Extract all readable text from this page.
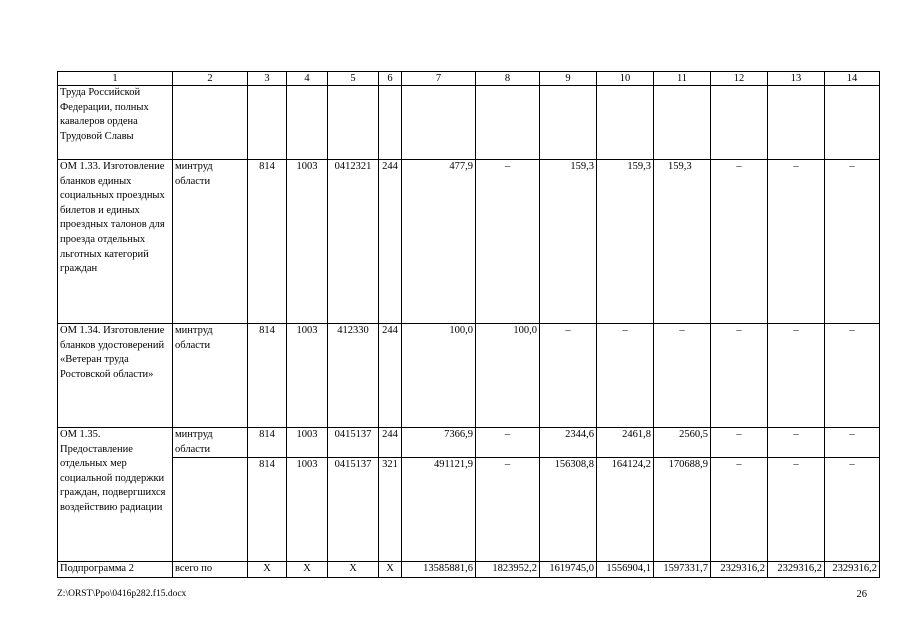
1	2	3	4	5	6	7	8	9	10	11	12	13	14
Труда Российской Федерации, полных кавалеров ордена Трудовой Славы													
ОМ 1.33. Изготовление бланков единых социальных проездных билетов и единых проездных талонов для проезда отдельных льготных категорий граждан	минтруд области	814	1003	0412321	244	477,9	–	159,3	159,3	159,3	–	–	–
ОМ 1.34. Изготовление бланков удостоверений «Ветеран труда Ростовской области»	минтруд области	814	1003	412330	244	100,0	100,0	–	–	–	–	–	–
ОМ 1.35. Предоставление отдельных мер социальной поддержки граждан, подвергшихся воздействию радиации	минтруд области	814	1003	0415137	244	7366,9	–	2344,6	2461,8	2560,5	–	–	–
		814	1003	0415137	321	491121,9	–	156308,8	164124,2	170688,9	–	–	–
Подпрограмма 2	всего по	Х	Х	Х	Х	13585881,6	1823952,2	1619745,0	1556904,1	1597331,7	2329316,2	2329316,2	2329316,2
Z:\ORST\Ppo\0416p282.f15.docx	26
